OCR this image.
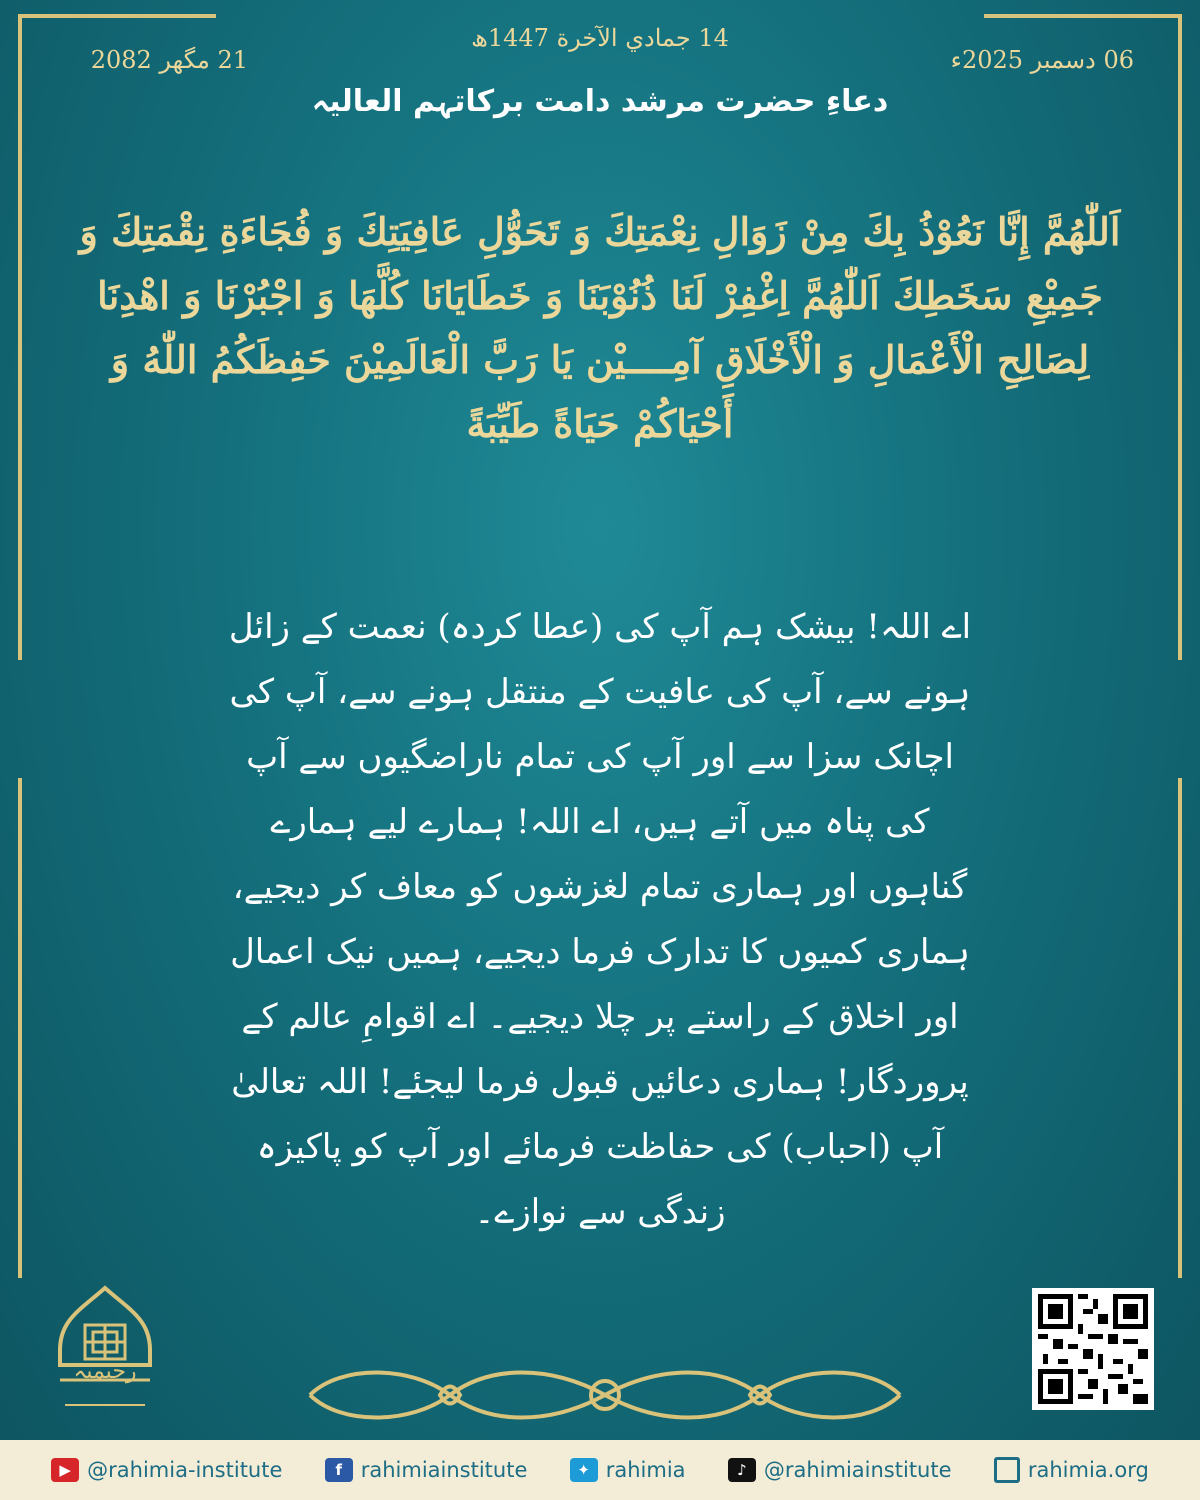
14 جمادي الآخرة 1447ھ
21 مگھر 2082	06 دسمبر 2025ء
دعاءِ حضرت مرشد دامت برکاتہم العالیہ
اَللّٰهُمَّ إِنَّا نَعُوْذُ بِكَ مِنْ زَوَالِ نِعْمَتِكَ وَ تَحَوُّلِ عَافِيَتِكَ وَ فُجَاءَةِ نِقْمَتِكَ وَ جَمِيْعِ سَخَطِكَ اَللّٰهُمَّ اِغْفِرْ لَنَا ذُنُوْبَنَا وَ خَطَايَانَا كُلَّهَا وَ اجْبُرْنَا وَ اهْدِنَا لِصَالِحِ الْأَعْمَالِ وَ الْأَخْلَاقِ آمِــــيْن يَا رَبَّ الْعَالَمِيْنَ حَفِظَكُمُ اللّٰهُ وَ أَحْيَاكُمْ حَيَاةً طَيِّبَةً
اے اللہ! بیشک ہم آپ کی (عطا کردہ) نعمت کے زائل ہونے سے، آپ کی عافیت کے منتقل ہونے سے، آپ کی اچانک سزا سے اور آپ کی تمام ناراضگیوں سے آپ کی پناہ میں آتے ہیں، اے اللہ! ہمارے لیے ہمارے گناہوں اور ہماری تمام لغزشوں کو معاف کر دیجیے، ہماری کمیوں کا تدارک فرما دیجیے، ہمیں نیک اعمال اور اخلاق کے راستے پر چلا دیجیے۔ اے اقوامِ عالم کے پروردگار! ہماری دعائیں قبول فرما لیجئے! اللہ تعالیٰ آپ (احباب) کی حفاظت فرمائے اور آپ کو پاکیزہ زندگی سے نوازے۔
رحیمیہ
▶ @rahimia-institute	f rahimiainstitute	✦ rahimia	♪ @rahimiainstitute	rahimia.org
